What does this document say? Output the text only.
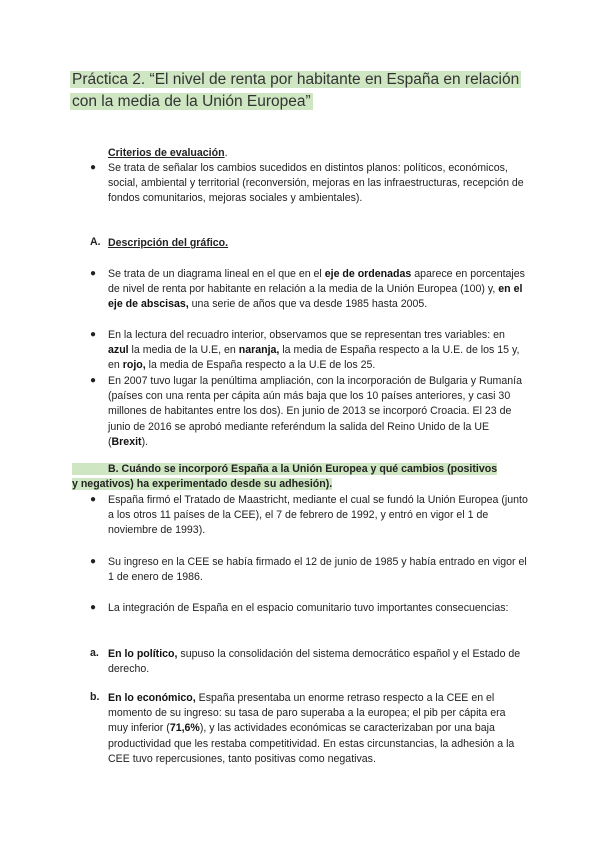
Práctica 2. “El nivel de renta por habitante en España en relación
con la media de la Unión Europea”
Criterios de evaluación.
● Se trata de señalar los cambios sucedidos en distintos planos: políticos, económicos, social, ambiental y territorial (reconversión, mejoras en las infraestructuras, recepción de fondos comunitarios, mejoras sociales y ambientales).
A. Descripción del gráfico.
● Se trata de un diagrama lineal en el que en el eje de ordenadas aparece en porcentajes de nivel de renta por habitante en relación a la media de la Unión Europea (100) y, en el eje de abscisas, una serie de años que va desde 1985 hasta 2005.
● En la lectura del recuadro interior, observamos que se representan tres variables: en azul la media de la U.E, en naranja, la media de España respecto a la U.E. de los 15 y, en rojo, la media de España respecto a la U.E de los 25.
● En 2007 tuvo lugar la penúltima ampliación, con la incorporación de Bulgaria y Rumanía (países con una renta per cápita aún más baja que los 10 países anteriores, y casi 30 millones de habitantes entre los dos). En junio de 2013 se incorporó Croacia. El 23 de junio de 2016 se aprobó mediante referéndum la salida del Reino Unido de la UE (Brexit).
B. Cuándo se incorporó España a la Unión Europea y qué cambios (positivos
y negativos) ha experimentado desde su adhesión).
● España firmó el Tratado de Maastricht, mediante el cual se fundó la Unión Europea (junto a los otros 11 países de la CEE), el 7 de febrero de 1992, y entró en vigor el 1 de noviembre de 1993).
● Su ingreso en la CEE se había firmado el 12 de junio de 1985 y había entrado en vigor el 1 de enero de 1986.
● La integración de España en el espacio comunitario tuvo importantes consecuencias:
a. En lo político, supuso la consolidación del sistema democrático español y el Estado de derecho.
b. En lo económico, España presentaba un enorme retraso respecto a la CEE en el momento de su ingreso: su tasa de paro superaba a la europea; el pib per cápita era muy inferior (71,6%), y las actividades económicas se caracterizaban por una baja productividad que les restaba competitividad. En estas circunstancias, la adhesión a la CEE tuvo repercusiones, tanto positivas como negativas.
